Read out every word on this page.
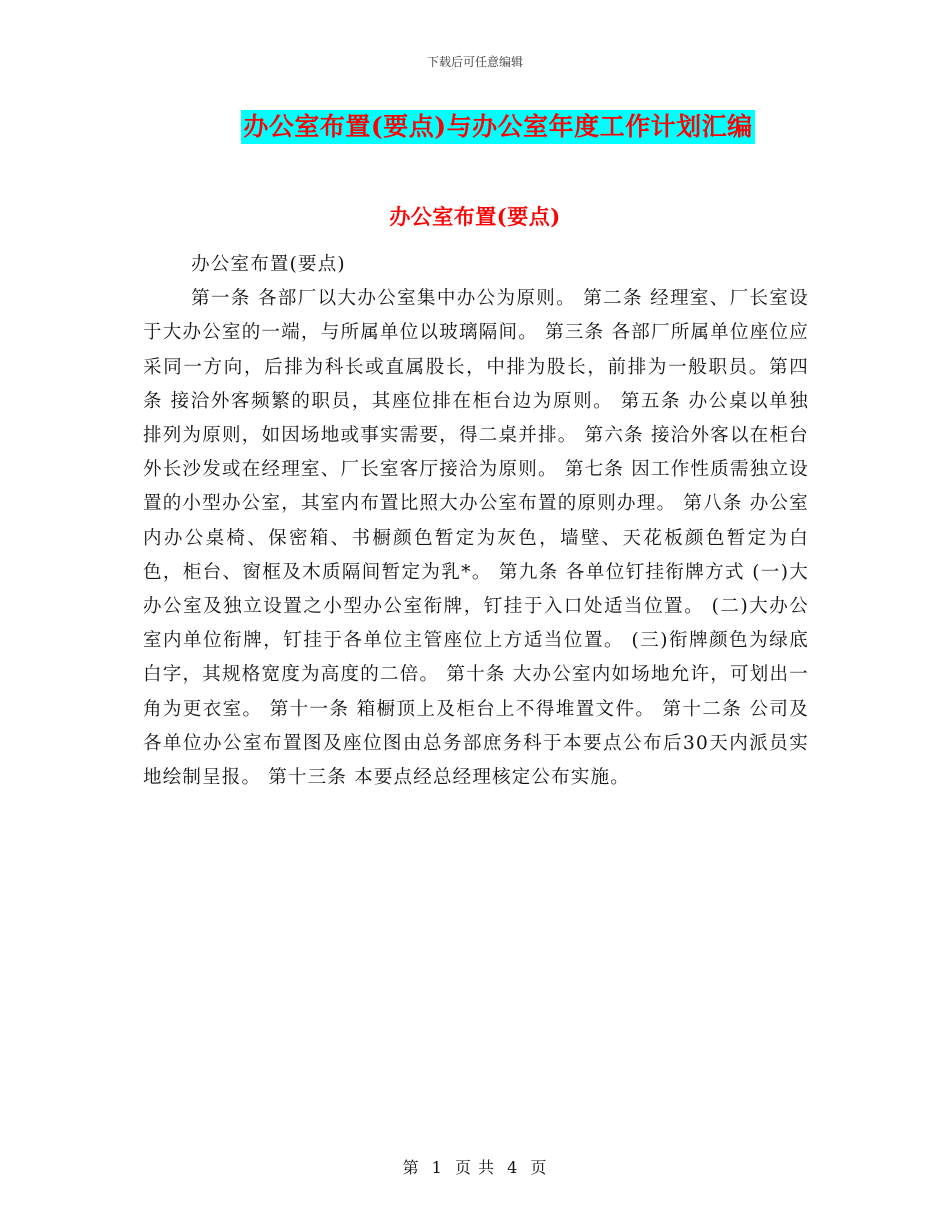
下载后可任意编辑
办公室布置(要点)与办公室年度工作计划汇编
办公室布置(要点)

办公室布置(要点)

第一条 各部厂以大办公室集中办公为原则。 第二条 经理室、厂长室设于大办公室的一端，与所属单位以玻璃隔间。 第三条 各部厂所属单位座位应采同一方向，后排为科长或直属股长，中排为股长，前排为一般职员。第四条 接洽外客频繁的职员，其座位排在柜台边为原则。 第五条 办公桌以单独排列为原则，如因场地或事实需要，得二桌并排。 第六条 接洽外客以在柜台外长沙发或在经理室、厂长室客厅接洽为原则。 第七条 因工作性质需独立设置的小型办公室，其室内布置比照大办公室布置的原则办理。 第八条 办公室内办公桌椅、保密箱、书橱颜色暂定为灰色，墙壁、天花板颜色暂定为白色，柜台、窗框及木质隔间暂定为乳*。 第九条 各单位钉挂衔牌方式 (一)大办公室及独立设置之小型办公室衔牌，钉挂于入口处适当位置。 (二)大办公室内单位衔牌，钉挂于各单位主管座位上方适当位置。 (三)衔牌颜色为绿底白字，其规格宽度为高度的二倍。 第十条 大办公室内如场地允许，可划出一角为更衣室。 第十一条 箱橱顶上及柜台上不得堆置文件。 第十二条 公司及各单位办公室布置图及座位图由总务部庶务科于本要点公布后30天内派员实地绘制呈报。 第十三条 本要点经总经理核定公布实施。

第 1 页 共 4 页
